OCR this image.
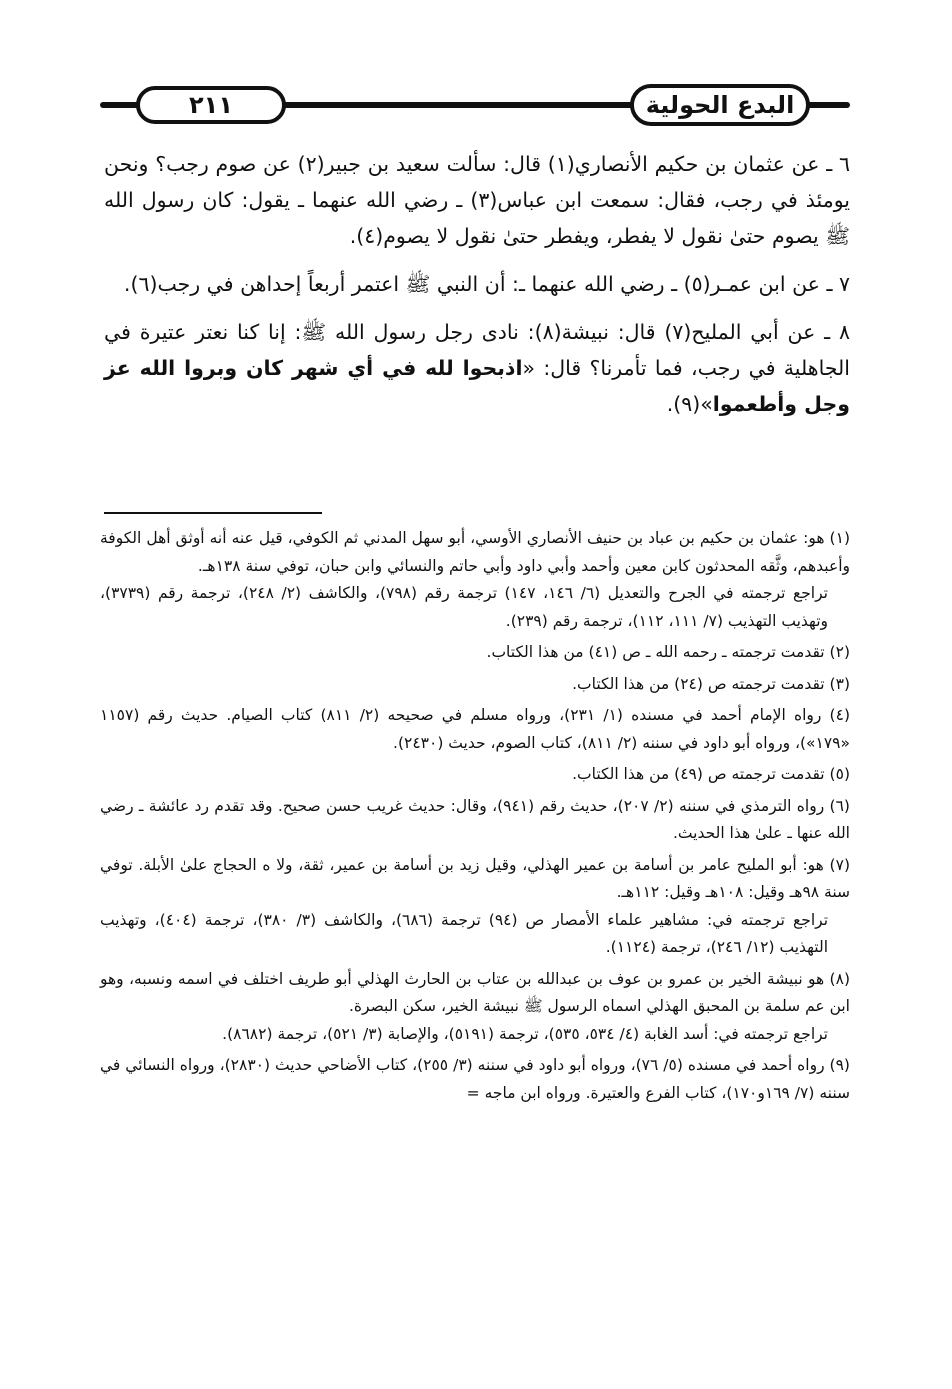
٢١١	البدع الحولية

٦ ـ عن عثمان بن حكيم الأنصاري(١) قال: سألت سعيد بن جبير(٢) عن صوم رجب؟ ونحن يومئذ في رجب، فقال: سمعت ابن عباس(٣) ـ رضي الله عنهما ـ يقول: كان رسول الله ﷺ يصوم حتىٰ نقول لا يفطر، ويفطر حتىٰ نقول لا يصوم(٤).

٧ ـ عن ابن عمـر(٥) ـ رضي الله عنهما ـ: أن النبي ﷺ اعتمر أربعاً إحداهن في رجب(٦).

٨ ـ عن أبي المليح(٧) قال: نبيشة(٨): نادى رجل رسول الله ﷺ: إنا كنا نعتر عتيرة في الجاهلية في رجب، فما تأمرنا؟ قال: «اذبحوا لله في أي شهر كان وبروا الله عز وجل وأطعموا»(٩).

(١) هو: عثمان بن حكيم بن عباد بن حنيف الأنصاري الأوسي، أبو سهل المدني ثم الكوفي، قيل عنه أنه أوثق أهل الكوفة وأعبدهم، وثَّقه المحدثون كابن معين وأحمد وأبي داود وأبي حاتم والنسائي وابن حبان، توفي سنة ١٣٨هـ.

تراجع ترجمته في الجرح والتعديل (٦/ ١٤٦، ١٤٧) ترجمة رقم (٧٩٨)، والكاشف (٢/ ٢٤٨)، ترجمة رقم (٣٧٣٩)، وتهذيب التهذيب (٧/ ١١١، ١١٢)، ترجمة رقم (٢٣٩).

(٢) تقدمت ترجمته ـ رحمه الله ـ ص (٤١) من هذا الكتاب.

(٣) تقدمت ترجمته ص (٢٤) من هذا الكتاب.

(٤) رواه الإمام أحمد في مسنده (١/ ٢٣١)، ورواه مسلم في صحيحه (٢/ ٨١١) كتاب الصيام. حديث رقم (١١٥٧ «١٧٩»)، ورواه أبو داود في سننه (٢/ ٨١١)، كتاب الصوم، حديث (٢٤٣٠).

(٥) تقدمت ترجمته ص (٤٩) من هذا الكتاب.

(٦) رواه الترمذي في سننه (٢/ ٢٠٧)، حديث رقم (٩٤١)، وقال: حديث غريب حسن صحيح. وقد تقدم رد عائشة ـ رضي الله عنها ـ علىٰ هذا الحديث.

(٧) هو: أبو المليح عامر بن أسامة بن عمير الهذلي، وقيل زيد بن أسامة بن عمير، ثقة، ولا ه الحجاج علىٰ الأبلة. توفي سنة ٩٨هـ وقيل: ١٠٨هـ وقيل: ١١٢هـ.

تراجع ترجمته في: مشاهير علماء الأمصار ص (٩٤) ترجمة (٦٨٦)، والكاشف (٣/ ٣٨٠)، ترجمة (٤٠٤)، وتهذيب التهذيب (١٢/ ٢٤٦)، ترجمة (١١٢٤).

(٨) هو نبيشة الخير بن عمرو بن عوف بن عبدالله بن عتاب بن الحارث الهذلي أبو طريف اختلف في اسمه ونسبه، وهو ابن عم سلمة بن المحبق الهذلي اسماه الرسول ﷺ نبيشة الخير، سكن البصرة.

تراجع ترجمته في: أسد الغابة (٤/ ٥٣٤، ٥٣٥)، ترجمة (٥١٩١)، والإصابة (٣/ ٥٢١)، ترجمة (٨٦٨٢).

(٩) رواه أحمد في مسنده (٥/ ٧٦)، ورواه أبو داود في سننه (٣/ ٢٥٥)، كتاب الأضاحي حديث (٢٨٣٠)، ورواه النسائي في سننه (٧/ ١٦٩و١٧٠)، كتاب الفرع والعتيرة. ورواه ابن ماجه =
